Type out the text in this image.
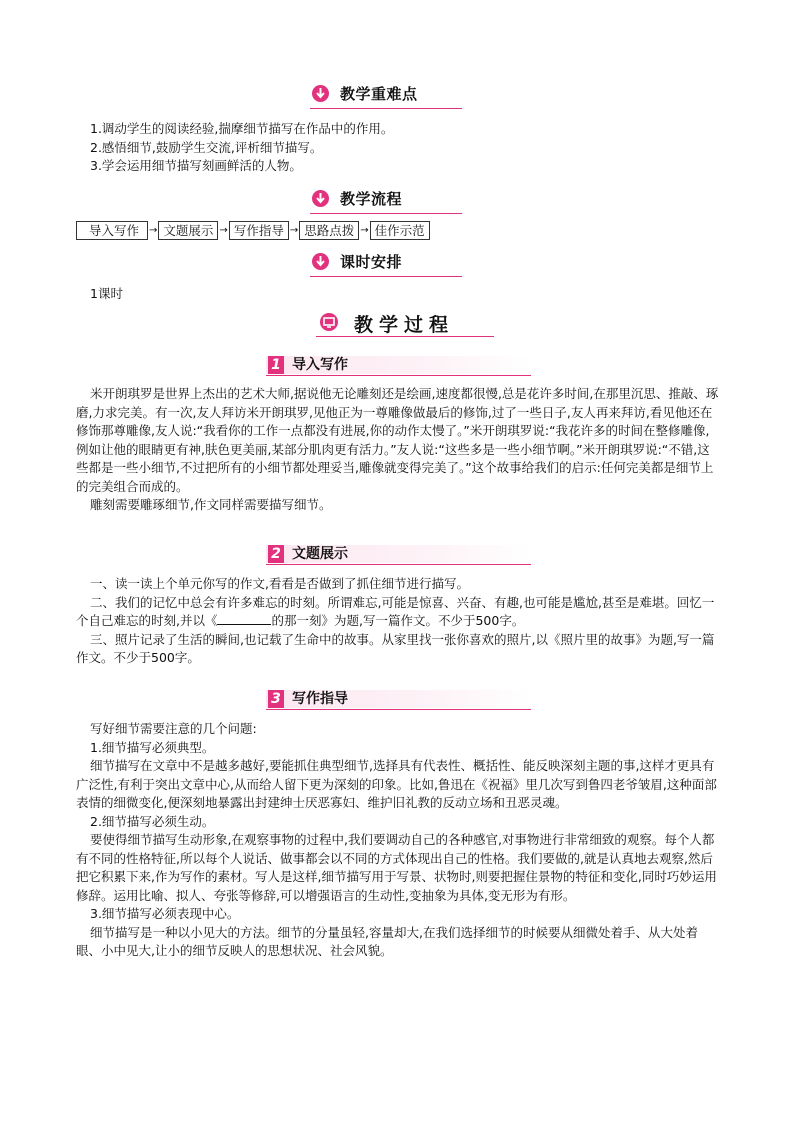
教学重难点

1.调动学生的阅读经验,揣摩细节描写在作品中的作用。

2.感悟细节,鼓励学生交流,评析细节描写。

3.学会运用细节描写刻画鲜活的人物。

教学流程
导入写作	→ 文题展示 → 写作指导 → 思路点拨 → 佳作示范
课时安排

1课时

教学过程
1 导入写作

米开朗琪罗是世界上杰出的艺术大师,据说他无论雕刻还是绘画,速度都很慢,总是花许多时间,在那里沉思、推敲、琢磨,力求完美。有一次,友人拜访米开朗琪罗,见他正为一尊雕像做最后的修饰,过了一些日子,友人再来拜访,看见他还在修饰那尊雕像,友人说:“我看你的工作一点都没有进展,你的动作太慢了。”米开朗琪罗说:“我花许多的时间在整修雕像,例如让他的眼睛更有神,肤色更美丽,某部分肌肉更有活力。”友人说:“这些多是一些小细节啊。”米开朗琪罗说:“不错,这些都是一些小细节,不过把所有的小细节都处理妥当,雕像就变得完美了。”这个故事给我们的启示:任何完美都是细节上的完美组合而成的。

雕刻需要雕琢细节,作文同样需要描写细节。

2 文题展示

一、读一读上个单元你写的作文,看看是否做到了抓住细节进行描写。

二、我们的记忆中总会有许多难忘的时刻。所谓难忘,可能是惊喜、兴奋、有趣,也可能是尴尬,甚至是难堪。回忆一个自己难忘的时刻,并以《	的那一刻》为题,写一篇作文。不少于500字。

三、照片记录了生活的瞬间,也记载了生命中的故事。从家里找一张你喜欢的照片,以《照片里的故事》为题,写一篇作文。不少于500字。

3 写作指导

写好细节需要注意的几个问题:

1.细节描写必须典型。

细节描写在文章中不是越多越好,要能抓住典型细节,选择具有代表性、概括性、能反映深刻主题的事,这样才更具有广泛性,有利于突出文章中心,从而给人留下更为深刻的印象。比如,鲁迅在《祝福》里几次写到鲁四老爷皱眉,这种面部表情的细微变化,便深刻地暴露出封建绅士厌恶寡妇、维护旧礼教的反动立场和丑恶灵魂。

2.细节描写必须生动。

要使得细节描写生动形象,在观察事物的过程中,我们要调动自己的各种感官,对事物进行非常细致的观察。每个人都有不同的性格特征,所以每个人说话、做事都会以不同的方式体现出自己的性格。我们要做的,就是认真地去观察,然后把它积累下来,作为写作的素材。写人是这样,细节描写用于写景、状物时,则要把握住景物的特征和变化,同时巧妙运用修辞。运用比喻、拟人、夸张等修辞,可以增强语言的生动性,变抽象为具体,变无形为有形。

3.细节描写必须表现中心。

细节描写是一种以小见大的方法。细节的分量虽轻,容量却大,在我们选择细节的时候要从细微处着手、从大处着眼、小中见大,让小的细节反映人的思想状况、社会风貌。
